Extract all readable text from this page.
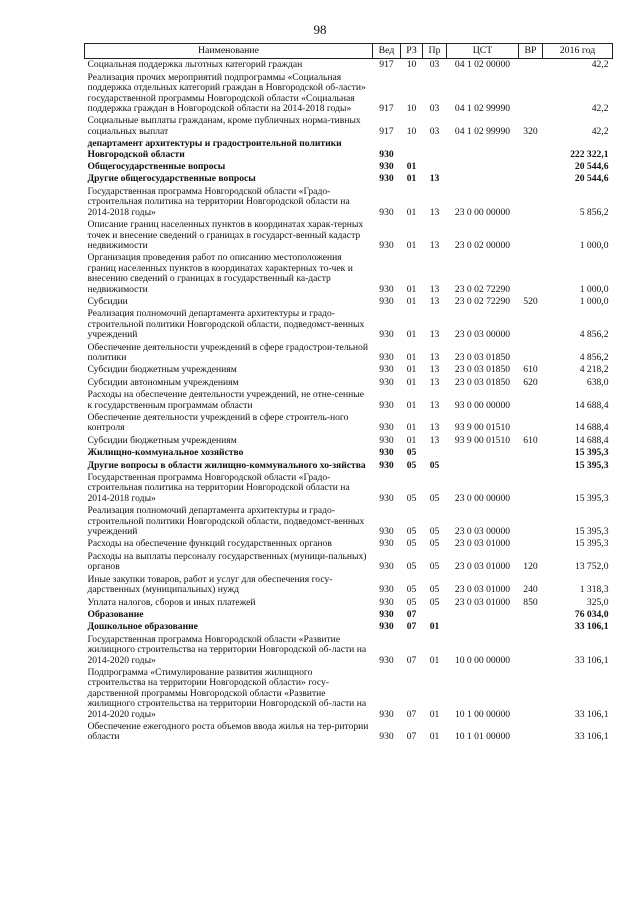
98
Наименование	Вед	РЗ	Пр	ЦСТ	ВР	2016 год
Социальная поддержка льготных категорий граждан	917	10	03	04 1 02 00000		42,2
Реализация прочих мероприятий подпрограммы «Социальная поддержка отдельных категорий граждан в Новгородской об-ласти» государственной программы Новгородской области «Социальная поддержка граждан в Новгородской области на 2014-2018 годы»	917	10	03	04 1 02 99990		42,2
Социальные выплаты гражданам, кроме публичных норма-тивных социальных выплат	917	10	03	04 1 02 99990	320	42,2
департамент архитектуры и градостроительной политики Новгородской области	930					222 322,1
Общегосударственные вопросы	930	01				20 544,6
Другие общегосударственные вопросы	930	01	13			20 544,6
Государственная программа Новгородской области «Градо-строительная политика на территории Новгородской области на 2014-2018 годы»	930	01	13	23 0 00 00000		5 856,2
Описание границ населенных пунктов в координатах харак-терных точек и внесение сведений о границах в государст-венный кадастр недвижимости	930	01	13	23 0 02 00000		1 000,0
Организация проведения работ по описанию местоположения границ населенных пунктов в координатах характерных то-чек и внесению сведений о границах в государственный ка-дастр недвижимости	930	01	13	23 0 02 72290		1 000,0
Субсидии	930	01	13	23 0 02 72290	520	1 000,0
Реализация полномочий департамента архитектуры и градо-строительной политики Новгородской области, подведомст-венных учреждений	930	01	13	23 0 03 00000		4 856,2
Обеспечение деятельности учреждений в сфере градострои-тельной политики	930	01	13	23 0 03 01850		4 856,2
Субсидии бюджетным учреждениям	930	01	13	23 0 03 01850	610	4 218,2
Субсидии автономным учреждениям	930	01	13	23 0 03 01850	620	638,0
Расходы на обеспечение деятельности учреждений, не отне-сенные к государственным программам области	930	01	13	93 0 00 00000		14 688,4
Обеспечение деятельности учреждений в сфере строитель-ного контроля	930	01	13	93 9 00 01510		14 688,4
Субсидии бюджетным учреждениям	930	01	13	93 9 00 01510	610	14 688,4
Жилищно-коммунальное хозяйство	930	05				15 395,3
Другие вопросы в области жилищно-коммунального хо-зяйства	930	05	05			15 395,3
Государственная программа Новгородской области «Градо-строительная политика на территории Новгородской области на 2014-2018 годы»	930	05	05	23 0 00 00000		15 395,3
Реализация полномочий департамента архитектуры и градо-строительной политики Новгородской области, подведомст-венных учреждений	930	05	05	23 0 03 00000		15 395,3
Расходы на обеспечение функций государственных органов	930	05	05	23 0 03 01000		15 395,3
Расходы на выплаты персоналу государственных (муници-пальных) органов	930	05	05	23 0 03 01000	120	13 752,0
Иные закупки товаров, работ и услуг для обеспечения госу-дарственных (муниципальных) нужд	930	05	05	23 0 03 01000	240	1 318,3
Уплата налогов, сборов и иных платежей	930	05	05	23 0 03 01000	850	325,0
Образование	930	07				76 034,0
Дошкольное образование	930	07	01			33 106,1
Государственная программа Новгородской области «Развитие жилищного строительства на территории Новгородской об-ласти на 2014-2020 годы»	930	07	01	10 0 00 00000		33 106,1
Подпрограмма «Стимулирование развития жилищного строительства на территории Новгородской области» госу-дарственной программы Новгородской области «Развитие жилищного строительства на территории Новгородской об-ласти на 2014-2020 годы»	930	07	01	10 1 00 00000		33 106,1
Обеспечение ежегодного роста объемов ввода жилья на тер-ритории области	930	07	01	10 1 01 00000		33 106,1
